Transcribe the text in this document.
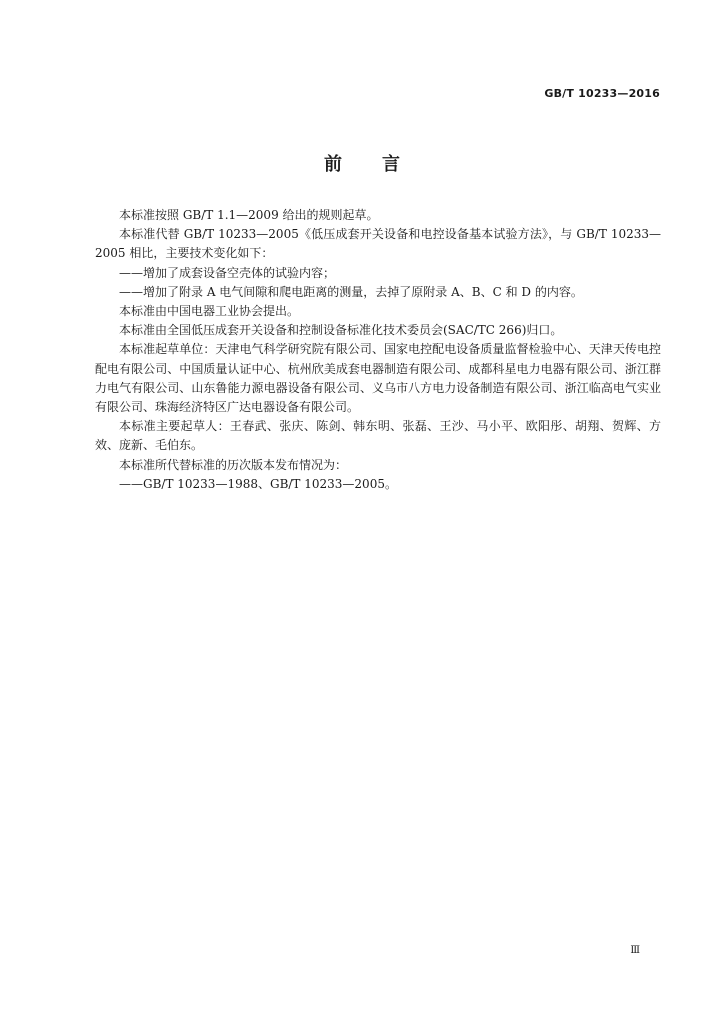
GB/T 10233—2016
前言

本标准按照 GB/T 1.1—2009 给出的规则起草。

本标准代替 GB/T 10233—2005《低压成套开关设备和电控设备基本试验方法》，与 GB/T 10233—2005 相比，主要技术变化如下：

——增加了成套设备空壳体的试验内容；

——增加了附录 A 电气间隙和爬电距离的测量，去掉了原附录 A、B、C 和 D 的内容。

本标准由中国电器工业协会提出。

本标准由全国低压成套开关设备和控制设备标准化技术委员会(SAC/TC 266)归口。

本标准起草单位：天津电气科学研究院有限公司、国家电控配电设备质量监督检验中心、天津天传电控配电有限公司、中国质量认证中心、杭州欣美成套电器制造有限公司、成都科星电力电器有限公司、浙江群力电气有限公司、山东鲁能力源电器设备有限公司、义乌市八方电力设备制造有限公司、浙江临高电气实业有限公司、珠海经济特区广达电器设备有限公司。

本标准主要起草人：王春武、张庆、陈剑、韩东明、张磊、王沙、马小平、欧阳彤、胡翔、贺辉、方效、庞新、毛伯东。

本标准所代替标准的历次版本发布情况为：

——GB/T 10233—1988、GB/T 10233—2005。

Ⅲ
